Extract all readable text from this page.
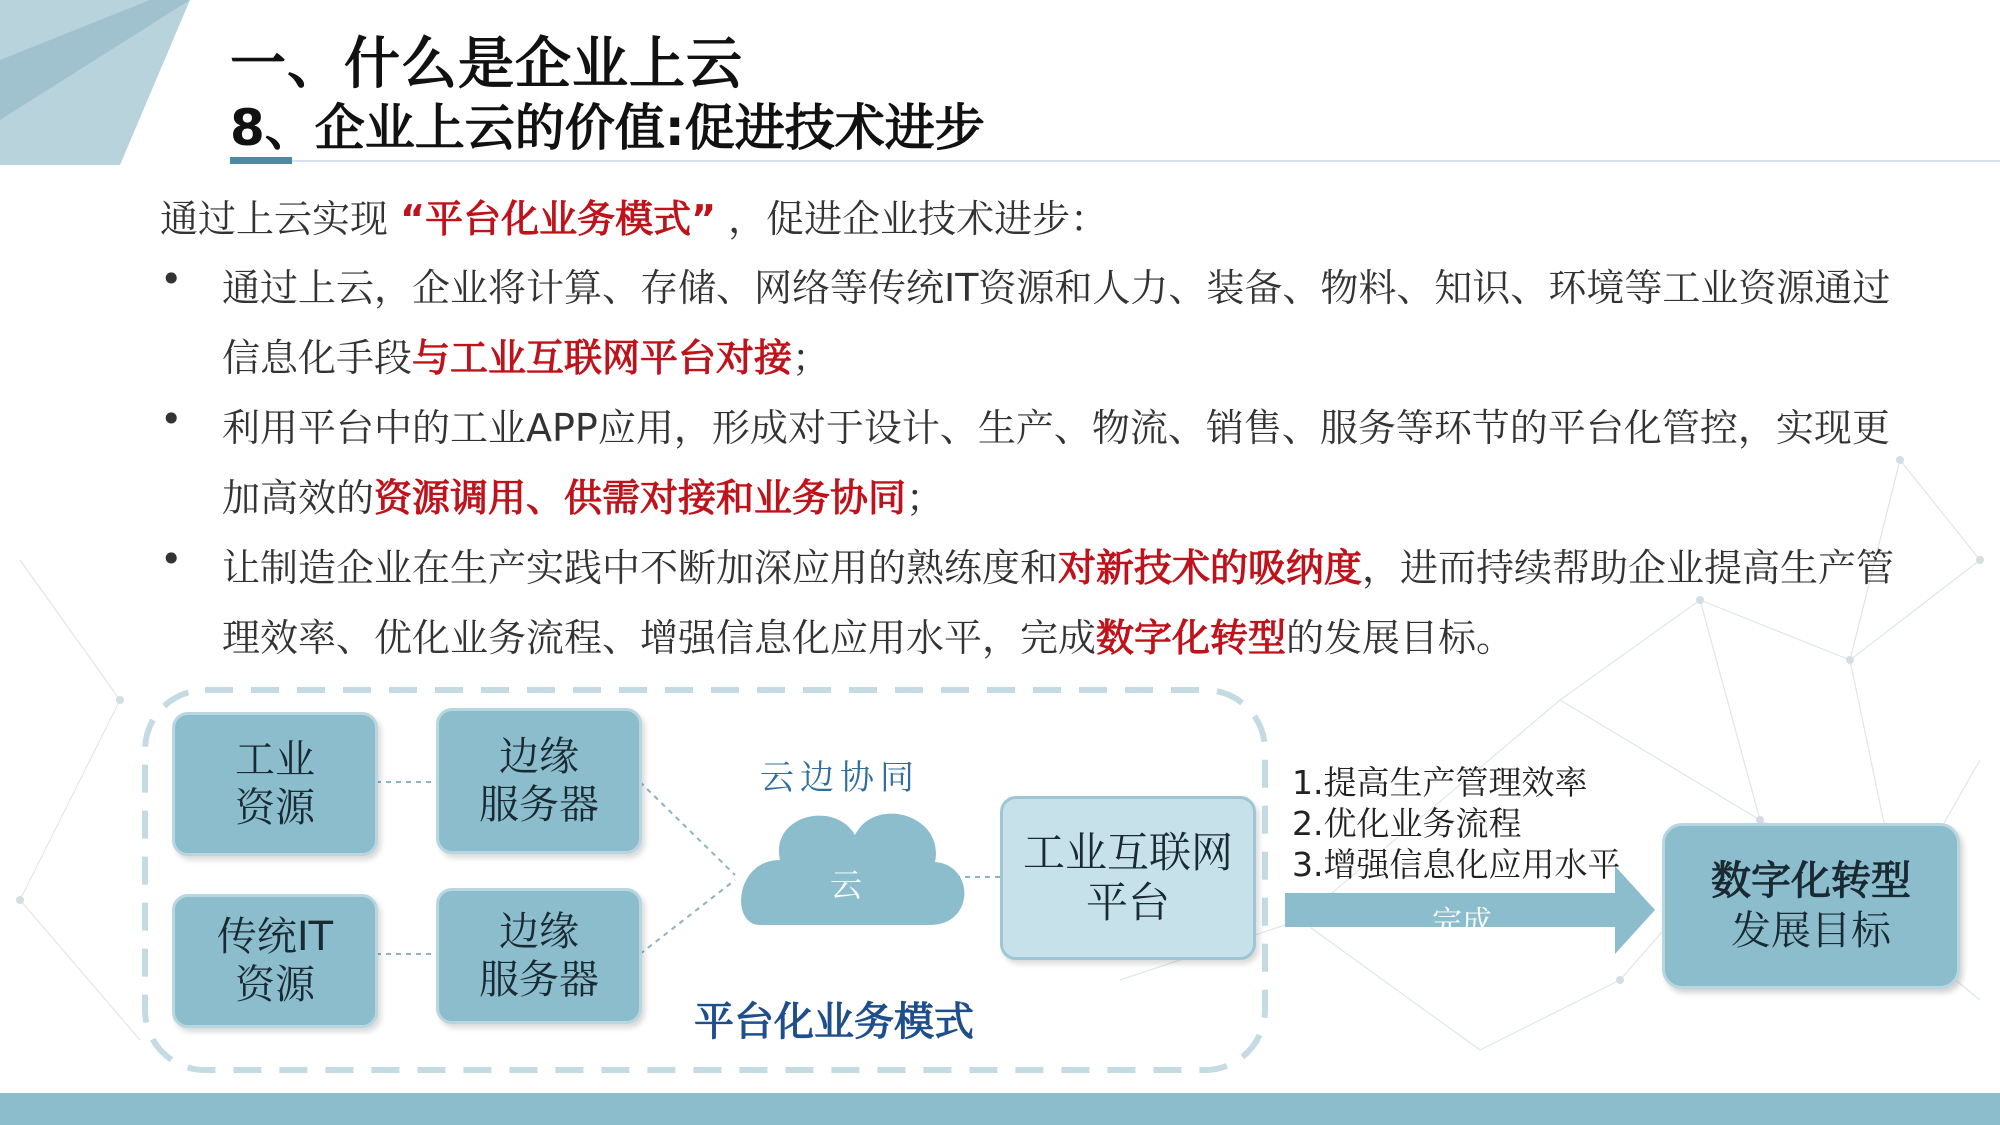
一、什么是企业上云
8、企业上云的价值:促进技术进步
通过上云实现 “平台化业务模式” ，促进企业技术进步：
• 通过上云，企业将计算、存储、网络等传统IT资源和人力、装备、物料、知识、环境等工业资源通过
信息化手段与工业互联网平台对接；
• 利用平台中的工业APP应用，形成对于设计、生产、物流、销售、服务等环节的平台化管控，实现更
加高效的资源调用、供需对接和业务协同；
• 让制造企业在生产实践中不断加深应用的熟练度和对新技术的吸纳度，进而持续帮助企业提高生产管
理效率、优化业务流程、增强信息化应用水平，完成数字化转型的发展目标。
工业
资源
传统IT
资源
边缘
服务器
边缘
服务器
云边协同
云
工业互联网平台
平台化业务模式
1.提高生产管理效率
2.优化业务流程
3.增强信息化应用水平
完成
数字化转型
发展目标
